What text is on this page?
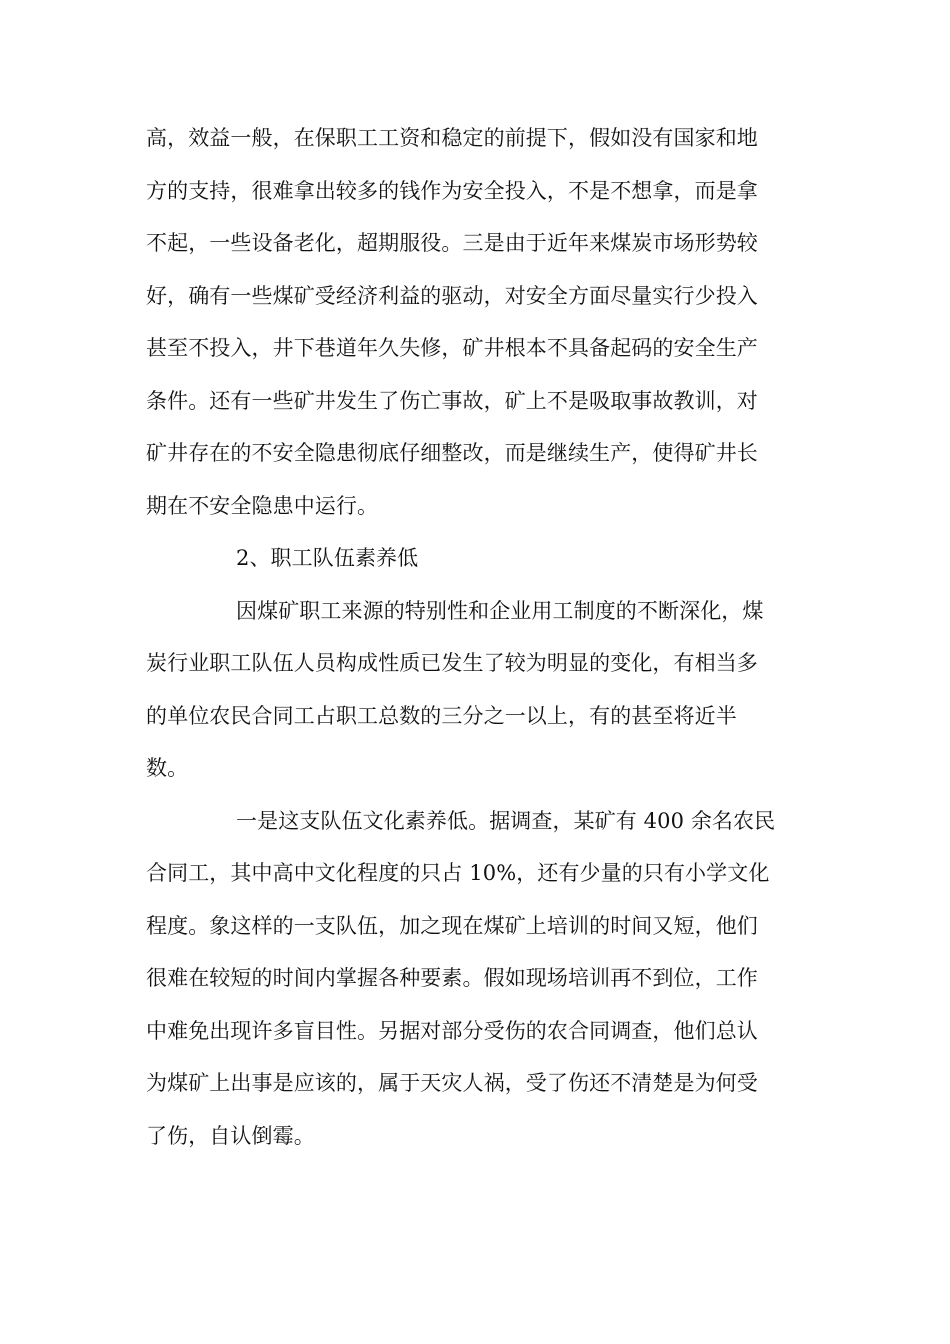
高，效益一般，在保职工工资和稳定的前提下，假如没有国家和地
方的支持，很难拿出较多的钱作为安全投入，不是不想拿，而是拿
不起，一些设备老化，超期服役。三是由于近年来煤炭市场形势较
好，确有一些煤矿受经济利益的驱动，对安全方面尽量实行少投入
甚至不投入，井下巷道年久失修，矿井根本不具备起码的安全生产
条件。还有一些矿井发生了伤亡事故，矿上不是吸取事故教训，对
矿井存在的不安全隐患彻底仔细整改，而是继续生产，使得矿井长
期在不安全隐患中运行。
2、职工队伍素养低
因煤矿职工来源的特别性和企业用工制度的不断深化，煤
炭行业职工队伍人员构成性质已发生了较为明显的变化，有相当多
的单位农民合同工占职工总数的三分之一以上，有的甚至将近半
数。
一是这支队伍文化素养低。据调查，某矿有 400 余名农民
合同工，其中高中文化程度的只占 10%，还有少量的只有小学文化
程度。象这样的一支队伍，加之现在煤矿上培训的时间又短，他们
很难在较短的时间内掌握各种要素。假如现场培训再不到位，工作
中难免出现许多盲目性。另据对部分受伤的农合同调查，他们总认
为煤矿上出事是应该的，属于天灾人祸，受了伤还不清楚是为何受
了伤，自认倒霉。
